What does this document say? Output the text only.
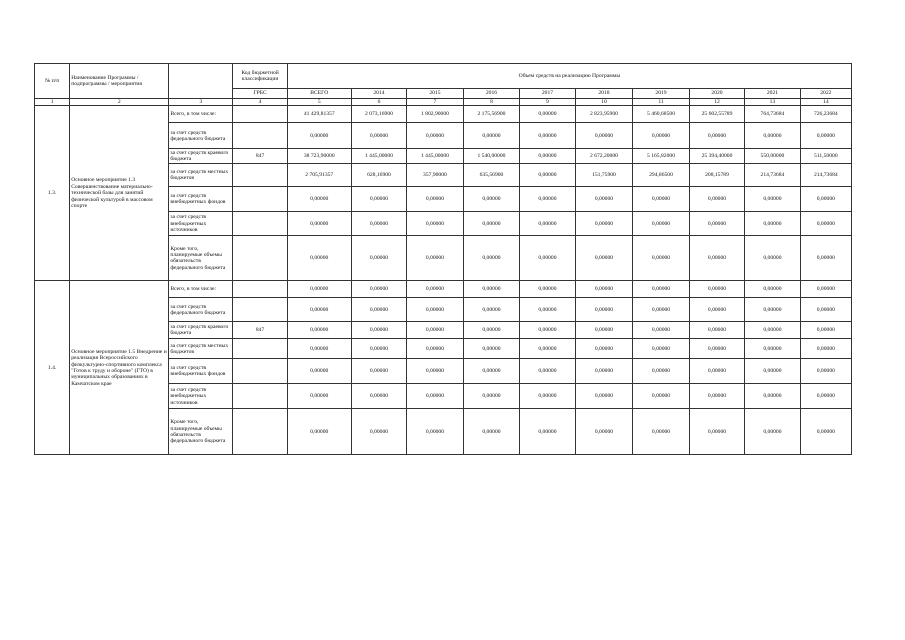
№ п/п	Наименование Программы / подпрограммы / мероприятия		Код бюджетной классификации	Объем средств на реализацию Программы									
			ГРБС	ВСЕГО	2014	2015	2016	2017	2018	2019	2020	2021	2022
1	2	3	4	5	6	7	8	9	10	11	12	13	14
1.3.	Основное мероприятие 1.3 Совершенствование материально-технической базы для занятий физической культурой в массовом спорте	Всего, в том числе:		41 429,81357	2 073,16900	1 802,90000	2 175,56900	0,00000	2 823,95900	5 460,68500	25 602,55789	764,73684	726,23684
		за счет средств федерального бюджета		0,00000	0,00000	0,00000	0,00000	0,00000	0,00000	0,00000	0,00000	0,00000	0,00000
		за счет средств краевого бюджета	847	38 723,90000	1 445,00000	1 445,00000	1 540,00000	0,00000	2 672,20000	5 165,82000	25 394,40000	550,00000	511,50000
		за счет средств местных бюджетов		2 705,91357	628,16900	357,90000	635,56900	0,00000	151,75900	294,86500	208,15789	214,73684	214,73684
		за счет средств внебюджетных фондов		0,00000	0,00000	0,00000	0,00000	0,00000	0,00000	0,00000	0,00000	0,00000	0,00000
		за счет средств внебюджетных источников		0,00000	0,00000	0,00000	0,00000	0,00000	0,00000	0,00000	0,00000	0,00000	0,00000
		Кроме того, планируемые объемы обязательств федерального бюджета		0,00000	0,00000	0,00000	0,00000	0,00000	0,00000	0,00000	0,00000	0,00000	0,00000
1.4.	Основное мероприятие 1.5 Внедрение и реализация Всероссийского физкультурно-спортивного комплекса "Готов к труду и обороне" (ГТО) в муниципальных образованиях в Камчатском крае	Всего, в том числе:		0,00000	0,00000	0,00000	0,00000	0,00000	0,00000	0,00000	0,00000	0,00000	0,00000
		за счет средств федерального бюджета		0,00000	0,00000	0,00000	0,00000	0,00000	0,00000	0,00000	0,00000	0,00000	0,00000
		за счет средств краевого бюджета	847	0,00000	0,00000	0,00000	0,00000	0,00000	0,00000	0,00000	0,00000	0,00000	0,00000
		за счет средств местных бюджетов		0,00000	0,00000	0,00000	0,00000	0,00000	0,00000	0,00000	0,00000	0,00000	0,00000
		за счет средств внебюджетных фондов		0,00000	0,00000	0,00000	0,00000	0,00000	0,00000	0,00000	0,00000	0,00000	0,00000
		за счет средств внебюджетных источников		0,00000	0,00000	0,00000	0,00000	0,00000	0,00000	0,00000	0,00000	0,00000	0,00000
		Кроме того, планируемые объемы обязательств федерального бюджета		0,00000	0,00000	0,00000	0,00000	0,00000	0,00000	0,00000	0,00000	0,00000	0,00000
